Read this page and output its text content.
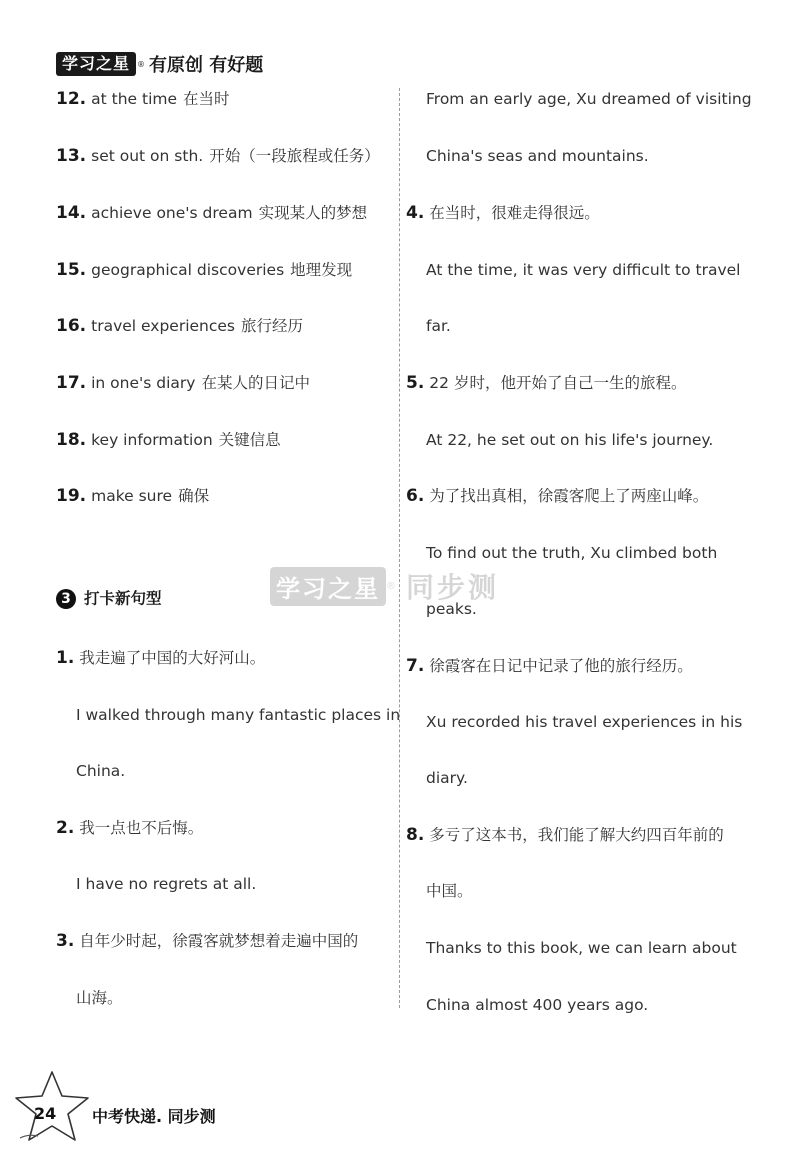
学习之星 ® 有原创 有好题
12. at the time 在当时
13. set out on sth. 开始（一段旅程或任务）
14. achieve one's dream 实现某人的梦想
15. geographical discoveries 地理发现
16. travel experiences 旅行经历
17. in one's diary 在某人的日记中
18. key information 关键信息
19. make sure 确保
3 打卡新句型
1. 我走遍了中国的大好河山。
I walked through many fantastic places in
China.
2. 我一点也不后悔。
I have no regrets at all.
3. 自年少时起，徐霞客就梦想着走遍中国的
山海。
From an early age, Xu dreamed of visiting
China's seas and mountains.
4. 在当时，很难走得很远。
At the time, it was very difficult to travel
far.
5. 22 岁时，他开始了自己一生的旅程。
At 22, he set out on his life's journey.
6. 为了找出真相，徐霞客爬上了两座山峰。
To find out the truth, Xu climbed both
peaks.
7. 徐霞客在日记中记录了他的旅行经历。
Xu recorded his travel experiences in his
diary.
8. 多亏了这本书，我们能了解大约四百年前的
中国。
Thanks to this book, we can learn about
China almost 400 years ago.
学习之星 ® 同步测
24 中考快递. 同步测
